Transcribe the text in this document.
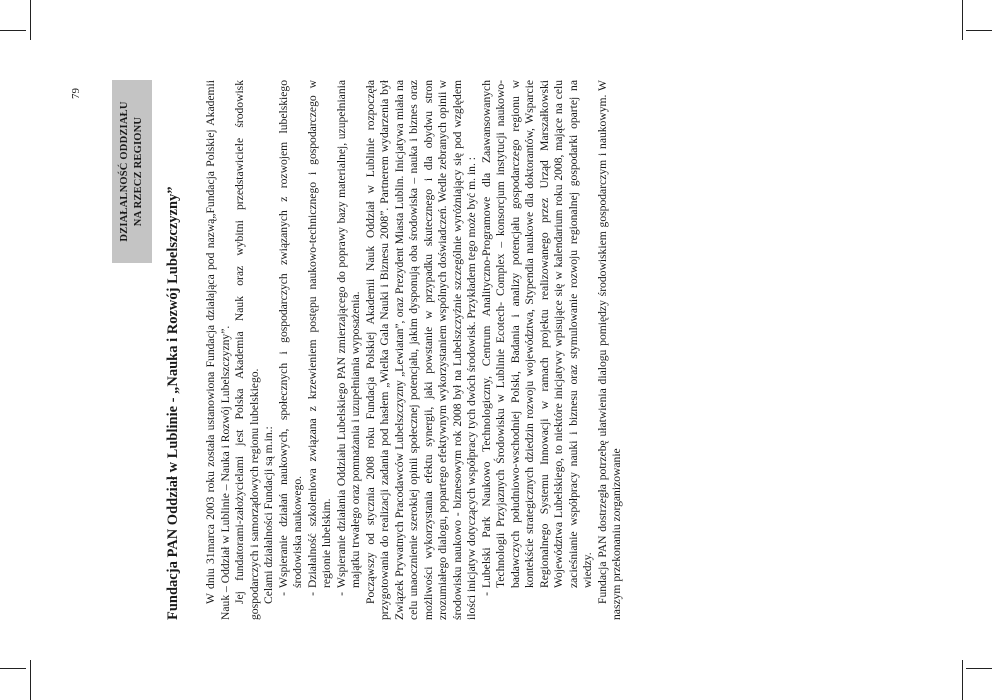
79
DZIAŁALNOŚĆ ODDZIAŁU NA RZECZ REGIONU
Fundacja PAN Oddział w Lublinie - „Nauka i Rozwój Lubelszczyzny” W dniu 31marca 2003 roku została ustanowiona Fundacja działająca pod nazwą„Fundacja Polskiej Akademii Nauk – Oddział w Lublinie – Nauka i Rozwój Lubelszczyzny”. Jej fundatorami-założycielami jest Polska Akademia Nauk oraz wybitni przedstawiciele środowisk gospodarczych i samorządowych regionu lubelskiego. Celami działalności Fundacji są m.in.: -
Wspieranie działań naukowych, społecznych i gospodarczych związanych z rozwojem lubelskiego środowiska naukowego.
-
Działalność szkoleniowa związana z krzewieniem postępu naukowo-technicznego i gospodarczego w regionie lubelskim.
-
Wspieranie działania Oddziału Lubelskiego PAN zmierzającego do poprawy bazy materialnej, uzupełniania majątku trwałego oraz pomnażania i uzupełniania wyposażenia. Począwszy od stycznia 2008 roku Fundacja Polskiej Akademii Nauk Oddział w Lublinie rozpoczęła przygotowania do realizacji zadania pod hasłem „Wielka Gala Nauki i Biznesu 2008”. Partnerem wydarzenia był Związek Prywatnych Pracodawców Lubelszczyzny „Lewiatan”, oraz Prezydent Miasta Lublin. Inicjatywa miała na celu unaocznienie szerokiej opinii społecznej potencjału, jakim dysponują oba środowiska – nauka i biznes oraz możliwości wykorzystania efektu synergii, jaki powstanie w przypadku skutecznego i dla obydwu stron zrozumiałego dialogu, popartego efektywnym wykorzystaniem wspólnych doświadczeń. Wedle zebranych opinii w środowisku naukowo - biznesowym rok 2008 był na Lubelszczyźnie szczególnie wyróżniający się pod względem ilości inicjatyw dotyczących współpracy tych dwóch środowisk. Przykładem tego może być m. in. : -
Lubelski Park Naukowo Technologiczny, Centrum Analityczno-Programowe dla Zaawansowanych Technologii Przyjaznych Środowisku w Lublinie Ecotech- Complex – konsorcjum instytucji naukowo-badawczych południowo-wschodniej Polski, Badania i analizy potencjału gospodarczego regionu w kontekście strategicznych dziedzin rozwoju województwa, Stypendia naukowe dla doktorantów, Wsparcie Regionalnego Systemu Innowacji w ramach projektu realizowanego przez Urząd Marszałkowski Województwa Lubelskiego, to niektóre inicjatywy wpisujące się w kalendarium roku 2008, mające na celu zacieśnianie współpracy nauki i biznesu oraz stymulowanie rozwoju regionalnej gospodarki opartej na wiedzy. Fundacja PAN dostrzegła potrzebę ułatwienia dialogu pomiędzy środowiskiem gospodarczym i naukowym. W naszym przekonaniu zorganizowanie
